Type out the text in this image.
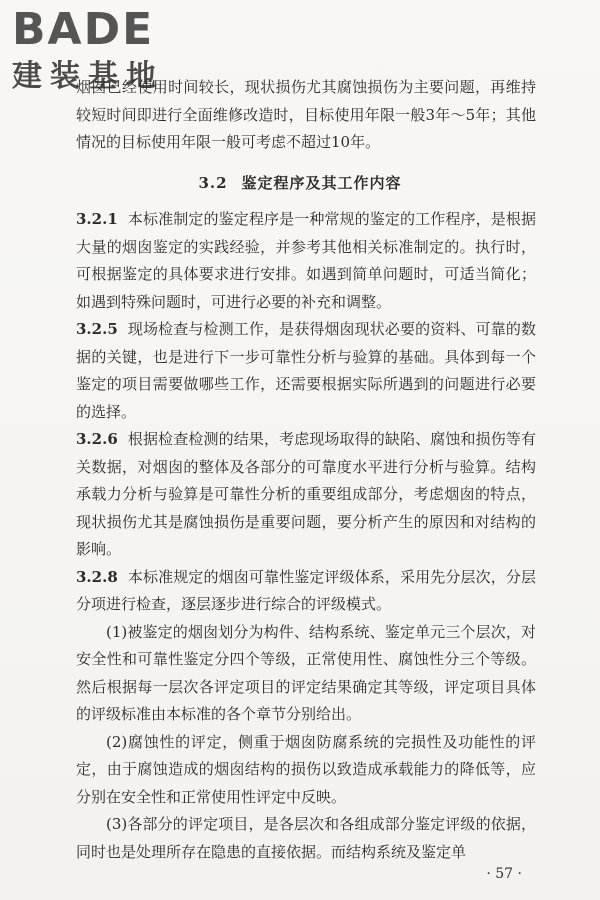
BADE
建装基地

烟囱已经使用时间较长，现状损伤尤其腐蚀损伤为主要问题，再维持较短时间即进行全面维修改造时，目标使用年限一般3年～5年；其他情况的目标使用年限一般可考虑不超过10年。

3.2 鉴定程序及其工作内容

3.2.1 本标准制定的鉴定程序是一种常规的鉴定的工作程序，是根据大量的烟囱鉴定的实践经验，并参考其他相关标准制定的。执行时，可根据鉴定的具体要求进行安排。如遇到简单问题时，可适当简化；如遇到特殊问题时，可进行必要的补充和调整。

3.2.5 现场检查与检测工作，是获得烟囱现状必要的资料、可靠的数据的关键，也是进行下一步可靠性分析与验算的基础。具体到每一个鉴定的项目需要做哪些工作，还需要根据实际所遇到的问题进行必要的选择。

3.2.6 根据检查检测的结果，考虑现场取得的缺陷、腐蚀和损伤等有关数据，对烟囱的整体及各部分的可靠度水平进行分析与验算。结构承载力分析与验算是可靠性分析的重要组成部分，考虑烟囱的特点，现状损伤尤其是腐蚀损伤是重要问题，要分析产生的原因和对结构的影响。

3.2.8 本标准规定的烟囱可靠性鉴定评级体系，采用先分层次，分层分项进行检查，逐层逐步进行综合的评级模式。

(1)被鉴定的烟囱划分为构件、结构系统、鉴定单元三个层次，对安全性和可靠性鉴定分四个等级，正常使用性、腐蚀性分三个等级。然后根据每一层次各评定项目的评定结果确定其等级，评定项目具体的评级标准由本标准的各个章节分别给出。

(2)腐蚀性的评定，侧重于烟囱防腐系统的完损性及功能性的评定，由于腐蚀造成的烟囱结构的损伤以致造成承载能力的降低等，应分别在安全性和正常使用性评定中反映。

(3)各部分的评定项目，是各层次和各组成部分鉴定评级的依据，同时也是处理所存在隐患的直接依据。而结构系统及鉴定单

· 57 ·
